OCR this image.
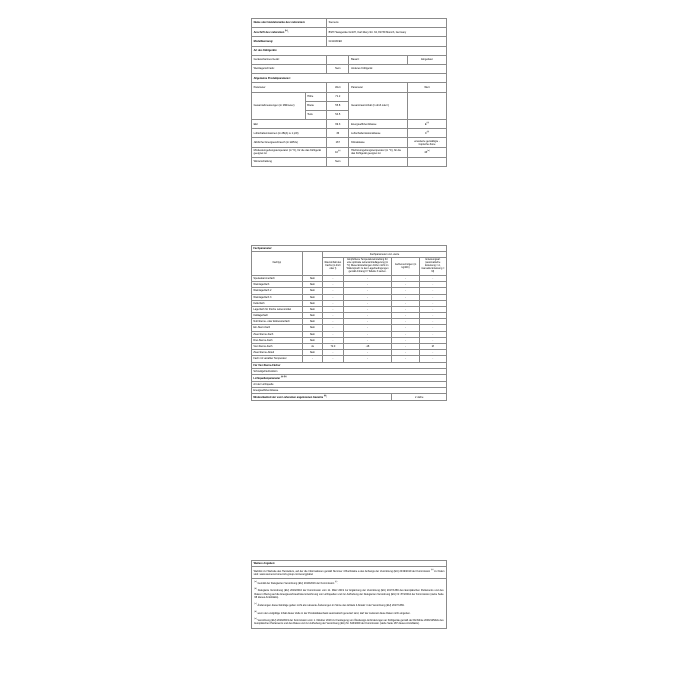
Name oder Handelsmarke des Lieferanten:		Siemens		
Anschrift des Lieferanten $^{(b)}$:		BSH Hausgeräte GmbH, Carl-Wery-Str. 34, 81739 Munich, Germany		
Modellkennung:		GI11VAFE0		
Art des Kühlgeräts:				
Geräuscharmes Gerät:			Bauart:	Eingebaut
Weinlagerschrank:		Nein	Anderes Kühlgerät:	
Allgemeine Produktparameter:				
Parameter		Wert	Parameter	Wert
Gesamtabmessungen (in Millimeter)	Höhe	71.2	Gesamtrauminhalt (in dm3 oder l)	
	Breite	55.8		
	Tiefe	54.5		
EEI		99.3	Energieeffizienzklasse	$E^{(a)}$
Luftschallemissionen (in dB(A) re 1 pW)		36	Luftschallemissionsklasse	$C^{(a)}$
Jährlicher Energieverbrauch (in kWh/a)		167	Klimaklasse	erweiterte gemäßigte - tropische Zone
Mindestumgebungstemperatur (in °C), für die das Kühlgerät geeignet ist		10$^{(a)}$	Höchstumgebungstemperatur (in °C), für die das Kühlgerät geeignet ist	43$^{(a)}$
Winterschaltung		Nein		
Fachparameter:					
Fachtyp		Fachparameter und -werte			
		Rauminhalt des Fachs (in dm3 oder l)	Empfohlene Temperatureinstellung für eine optimale Lebensmittellagerung (in °C) Diese Einstellungen dürfen nicht im Widerspruch zu den Lagerbedingungen gemäß Anhang IV Tabelle 3 stehen.	Gefriervermögen (in kg/24h)	Enteisungsart (automatische Enteisung = A, manuelle Enteisung = M)
Speisekammerfach	Nein	-	-	-	-
Weinlagerfach	Nein	-	-	-	-
Weinlagerfach 2	Nein	-	-	-	-
Weinlagerfach 3	Nein	-	-	-	-
Kellerfach	Nein	-	-	-	-
Lagerfach für frische Lebensmittel	Nein	-	-	-	-
Kaltlagerfach	Nein	-	-	-	-
Null-Sterne- oder Eisbereiterfach	Nein	-	-	-	-
Ein-Stern-Fach	Nein	-	-	-	-
Zwei-Sterne-Fach	Nein	-	-	-	-
Drei-Sterne-Fach	Nein	-	-	-	-
Vier-Sterne-Fach	Ja	72.0	-18	-	M
Zwei-Sterne-Abteil	Nein	-	-	-	-
Fach mit variabler Temperatur	-	-	-	-	-
Für Vier-Sterne-Fächer					
Schnellgefrierfunktion					
Lichtquellenparameter $^{(a) (b)}$
Art der Lichtquelle					
Energieeffizienzklasse					
Mindestlaufzeit der vom Lieferanten angebotenen Garantie $^{(a)}$:				2 Jahre	
Weitere Angaben:
Weblink zur Website des Herstellers, auf der die Informationen gemäß Nummer 4 Buchstabe a des Anhangs der Verordnung (EU) 2019/2019 der Kommission $^{(a)}$ zu finden sind: www.siemens-home.bsh-group.com/energylabel

$^{(a)}$ Gemäß der Delegierten Verordnung (EU) 2019/2016 der Kommission $^{(c)}$.

$^{(b)}$ Delegierte Verordnung (EU) 2019/2016 der Kommission vom 11. März 2019 zur Ergänzung der Verordnung (EU) 2017/1369 des Europäischen Parlaments und des Rates in Bezug auf die Energieverbrauchskennzeichnung von Lichtquellen und zur Aufhebung der Delegierten Verordnung (EU) Nr. 874/2012 der Kommission (siehe Seite 68 dieses Amtsblatts).

$^{(c)}$ Änderungen dieser Einträge gelten nicht als relevante Änderungen im Sinne des Artikels 4 Absatz 4 der Verordnung (EU) 2017/1369.

$^{(d)}$ wenn der endgültige Inhalt dieser Zelle in der Produktdatenbank automatisch generiert wird, darf der Lieferant diese Daten nicht eingeben.

$^{(e)}$ Verordnung (EU) 2019/2019 der Kommission vom 1. Oktober 2019 zur Festlegung von Ökodesign-Anforderungen an Kühlgeräte gemäß der Richtlinie 2009/125/EG des Europäischen Parlaments und des Rates und zur Aufhebung der Verordnung (EG) Nr. 643/2009 der Kommission (siehe Seite 187 dieses Amtsblatts).
